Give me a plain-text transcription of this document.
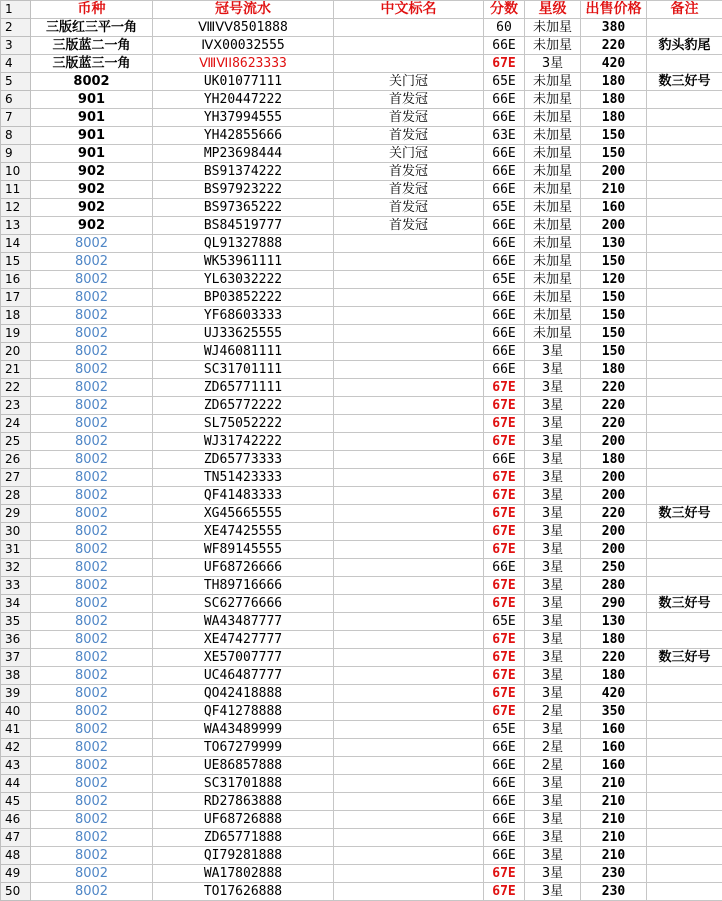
1	币种	冠号流水	中文标名	分数	星级	出售价格	备注
2	三版红三平一角	ⅧⅤⅤ8501888		60	未加星	380	
3	三版蓝二一角	ⅣⅩ00032555		66E	未加星	220	豹头豹尾
4	三版蓝三一角	ⅧⅥⅠ8623333		67E	3星	420	
5	8002	UK01077111	关门冠	65E	未加星	180	数三好号
6	901	YH20447222	首发冠	66E	未加星	180	
7	901	YH37994555	首发冠	66E	未加星	180	
8	901	YH42855666	首发冠	63E	未加星	150	
9	901	MP23698444	关门冠	66E	未加星	150	
10	902	BS91374222	首发冠	66E	未加星	200	
11	902	BS97923222	首发冠	66E	未加星	210	
12	902	BS97365222	首发冠	65E	未加星	160	
13	902	BS84519777	首发冠	66E	未加星	200	
14	8002	QL91327888		66E	未加星	130	
15	8002	WK53961111		66E	未加星	150	
16	8002	YL63032222		65E	未加星	120	
17	8002	BP03852222		66E	未加星	150	
18	8002	YF68603333		66E	未加星	150	
19	8002	UJ33625555		66E	未加星	150	
20	8002	WJ46081111		66E	3星	150	
21	8002	SC31701111		66E	3星	180	
22	8002	ZD65771111		67E	3星	220	
23	8002	ZD65772222		67E	3星	220	
24	8002	SL75052222		67E	3星	220	
25	8002	WJ31742222		67E	3星	200	
26	8002	ZD65773333		66E	3星	180	
27	8002	TN51423333		67E	3星	200	
28	8002	QF41483333		67E	3星	200	
29	8002	XG45665555		67E	3星	220	数三好号
30	8002	XE47425555		67E	3星	200	
31	8002	WF89145555		67E	3星	200	
32	8002	UF68726666		66E	3星	250	
33	8002	TH89716666		67E	3星	280	
34	8002	SC62776666		67E	3星	290	数三好号
35	8002	WA43487777		65E	3星	130	
36	8002	XE47427777		67E	3星	180	
37	8002	XE57007777		67E	3星	220	数三好号
38	8002	UC46487777		67E	3星	180	
39	8002	QO42418888		67E	3星	420	
40	8002	QF41278888		67E	2星	350	
41	8002	WA43489999		65E	3星	160	
42	8002	TO67279999		66E	2星	160	
43	8002	UE86857888		66E	2星	160	
44	8002	SC31701888		66E	3星	210	
45	8002	RD27863888		66E	3星	210	
46	8002	UF68726888		66E	3星	210	
47	8002	ZD65771888		66E	3星	210	
48	8002	QI79281888		66E	3星	210	
49	8002	WA17802888		67E	3星	230	
50	8002	TO17626888		67E	3星	230	
